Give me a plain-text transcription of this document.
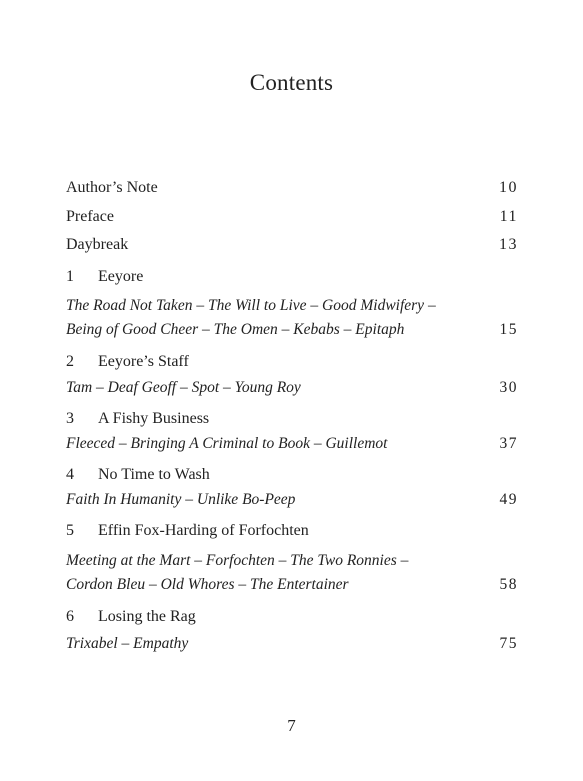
Contents
Author’s Note	10
Preface	11
Daybreak	13
1 Eeyore
The Road Not Taken – The Will to Live – Good Midwifery –
Being of Good Cheer – The Omen – Kebabs – Epitaph	15
2 Eeyore’s Staff
Tam – Deaf Geoff – Spot – Young Roy	30
3 A Fishy Business
Fleeced – Bringing A Criminal to Book – Guillemot	37
4 No Time to Wash
Faith In Humanity – Unlike Bo-Peep	49
5 Effin Fox-Harding of Forfochten
Meeting at the Mart – Forfochten – The Two Ronnies –
Cordon Bleu – Old Whores – The Entertainer	58
6 Losing the Rag
Trixabel – Empathy	75
7
